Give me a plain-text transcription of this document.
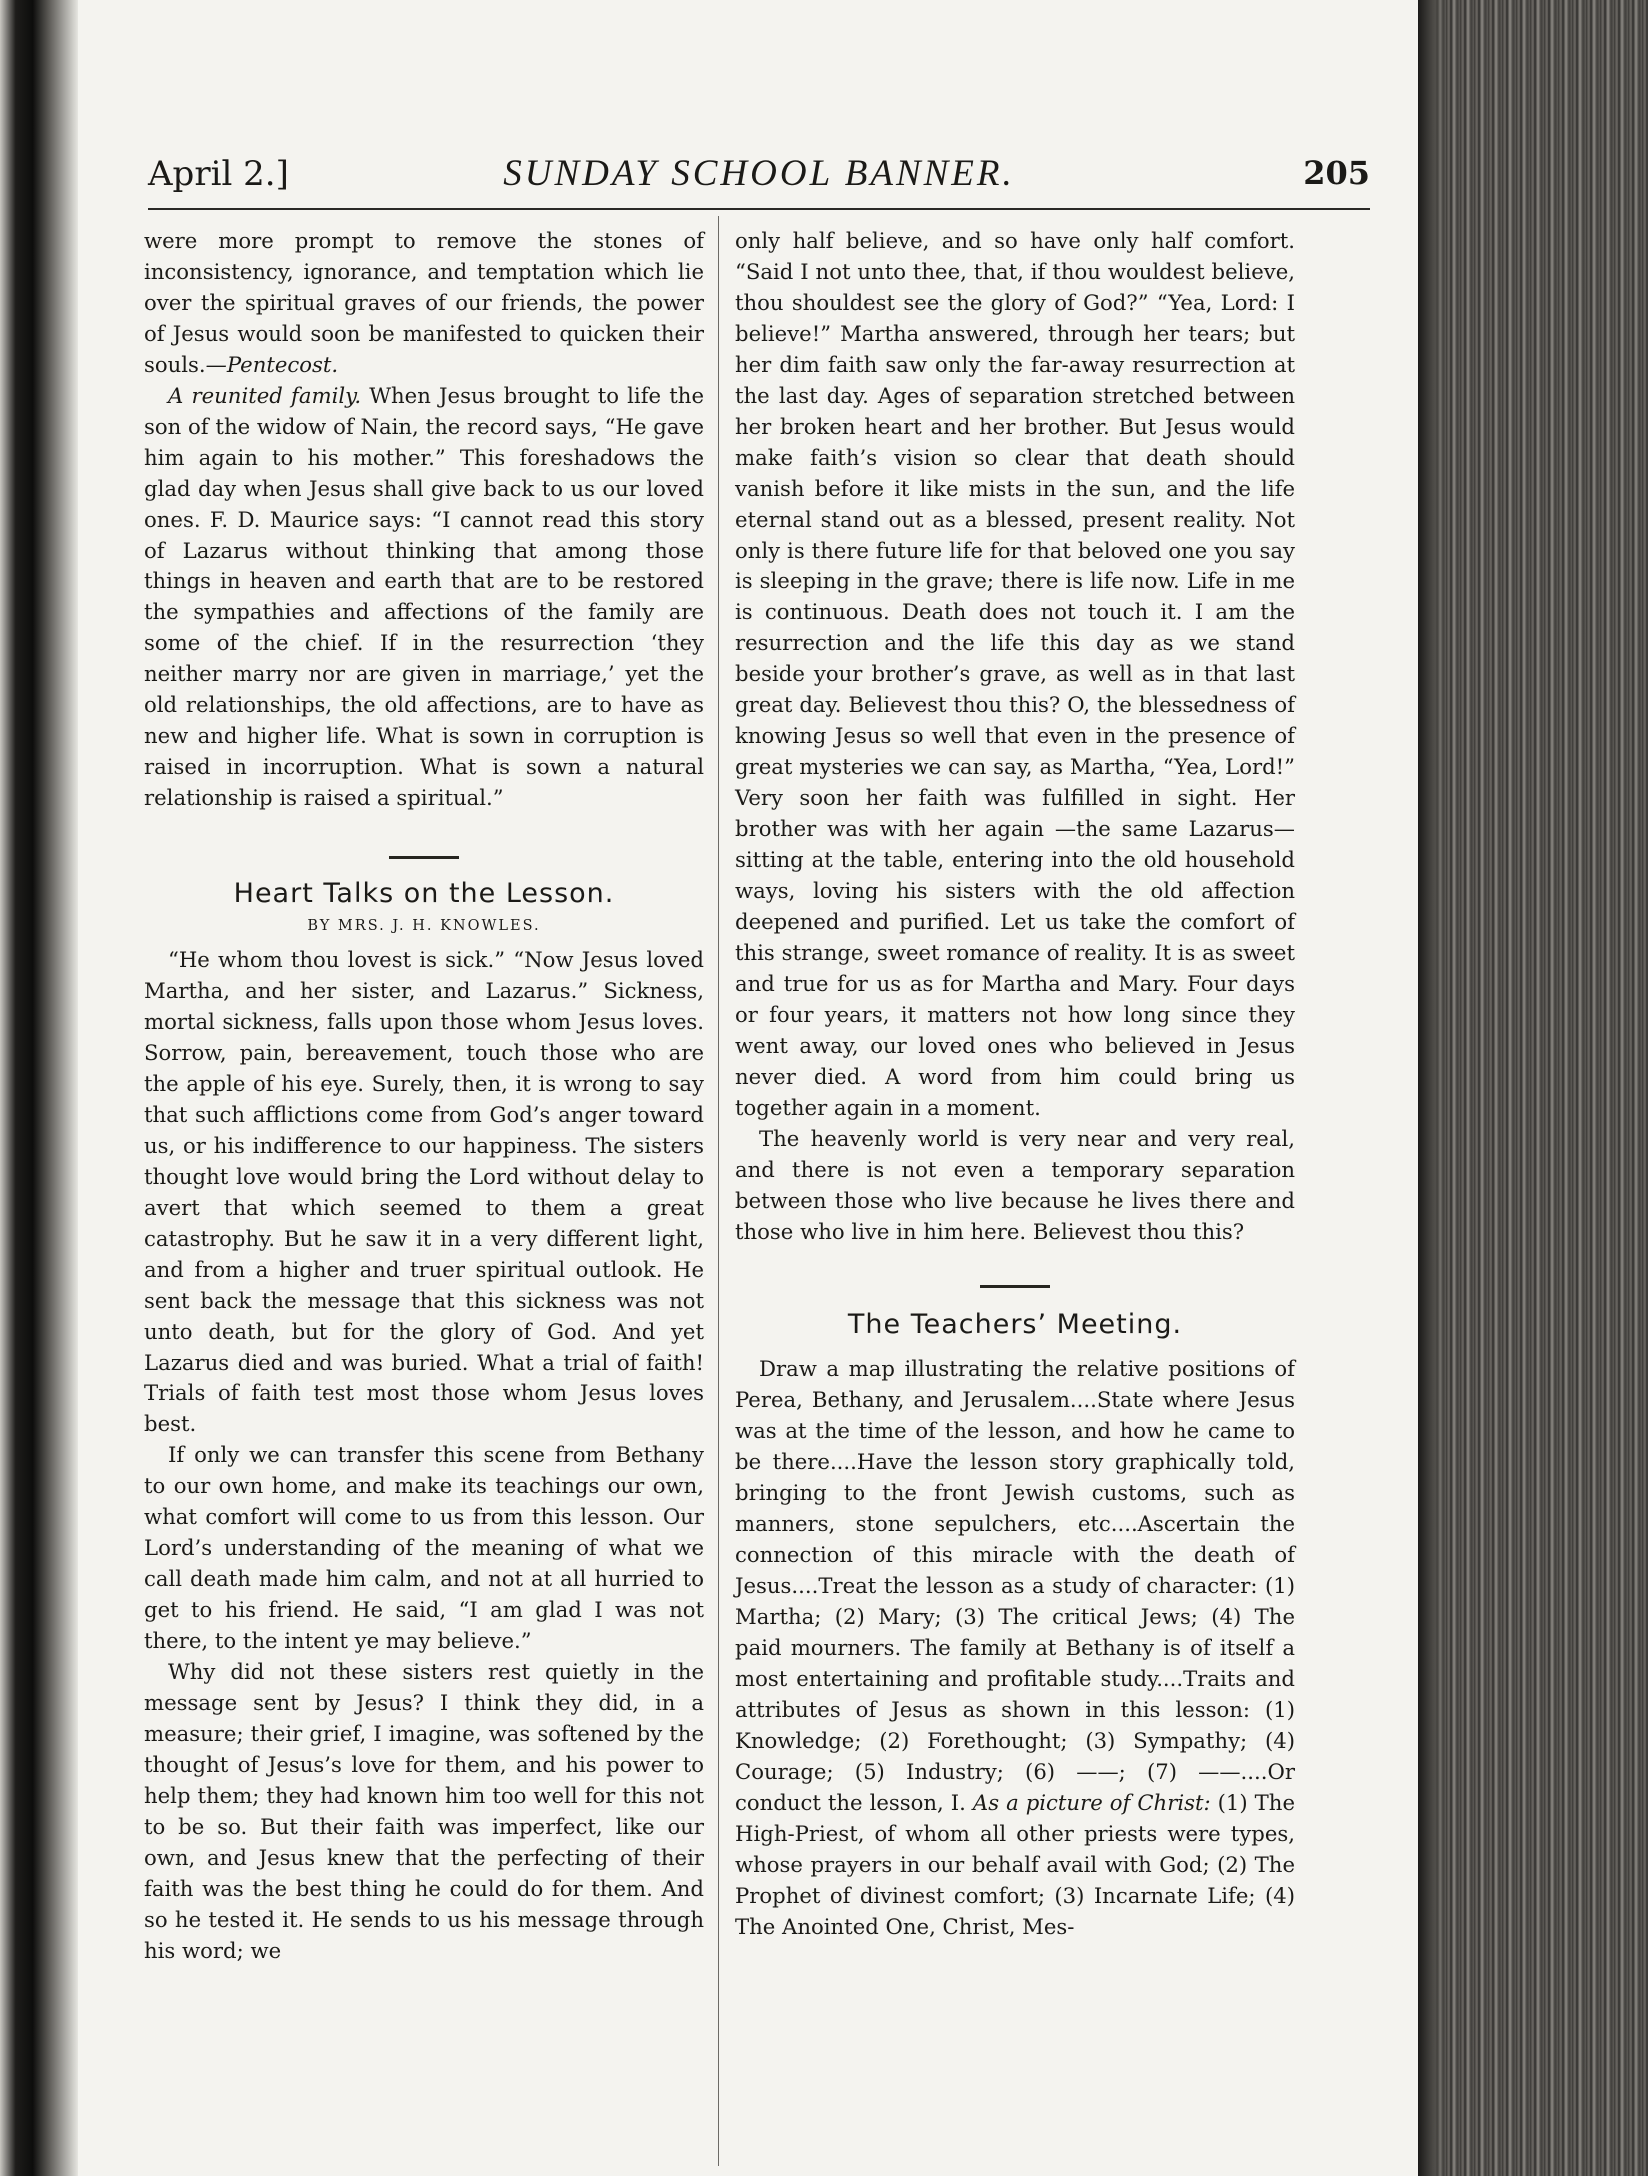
April 2.]	SUNDAY SCHOOL BANNER.	205

were more prompt to remove the stones of inconsistency, ignorance, and temptation which lie over the spiritual graves of our friends, the power of Jesus would soon be manifested to quicken their souls.—Pentecost.

A reunited family. When Jesus brought to life the son of the widow of Nain, the record says, “He gave him again to his mother.” This foreshadows the glad day when Jesus shall give back to us our loved ones. F. D. Maurice says: “I cannot read this story of Lazarus without thinking that among those things in heaven and earth that are to be restored the sympathies and affections of the family are some of the chief. If in the resurrection ‘they neither marry nor are given in marriage,’ yet the old relationships, the old affections, are to have as new and higher life. What is sown in corruption is raised in incorruption. What is sown a natural relationship is raised a spiritual.”

Heart Talks on the Lesson.
BY MRS. J. H. KNOWLES.

“He whom thou lovest is sick.” “Now Jesus loved Martha, and her sister, and Lazarus.” Sickness, mortal sickness, falls upon those whom Jesus loves. Sorrow, pain, bereavement, touch those who are the apple of his eye. Surely, then, it is wrong to say that such afflictions come from God’s anger toward us, or his indifference to our happiness. The sisters thought love would bring the Lord without delay to avert that which seemed to them a great catastrophy. But he saw it in a very different light, and from a higher and truer spiritual outlook. He sent back the message that this sickness was not unto death, but for the glory of God. And yet Lazarus died and was buried. What a trial of faith! Trials of faith test most those whom Jesus loves best.

If only we can transfer this scene from Bethany to our own home, and make its teachings our own, what comfort will come to us from this lesson. Our Lord’s understanding of the meaning of what we call death made him calm, and not at all hurried to get to his friend. He said, “I am glad I was not there, to the intent ye may believe.”

Why did not these sisters rest quietly in the message sent by Jesus? I think they did, in a measure; their grief, I imagine, was softened by the thought of Jesus’s love for them, and his power to help them; they had known him too well for this not to be so. But their faith was imperfect, like our own, and Jesus knew that the perfecting of their faith was the best thing he could do for them. And so he tested it. He sends to us his message through his word; we

only half believe, and so have only half comfort. “Said I not unto thee, that, if thou wouldest believe, thou shouldest see the glory of God?” “Yea, Lord: I believe!” Martha answered, through her tears; but her dim faith saw only the far-away resurrection at the last day. Ages of separation stretched between her broken heart and her brother. But Jesus would make faith’s vision so clear that death should vanish before it like mists in the sun, and the life eternal stand out as a blessed, present reality. Not only is there future life for that beloved one you say is sleeping in the grave; there is life now. Life in me is continuous. Death does not touch it. I am the resurrection and the life this day as we stand beside your brother’s grave, as well as in that last great day. Believest thou this? O, the blessedness of knowing Jesus so well that even in the presence of great mysteries we can say, as Martha, “Yea, Lord!” Very soon her faith was fulfilled in sight. Her brother was with her again —the same Lazarus—sitting at the table, entering into the old household ways, loving his sisters with the old affection deepened and purified. Let us take the comfort of this strange, sweet romance of reality. It is as sweet and true for us as for Martha and Mary. Four days or four years, it matters not how long since they went away, our loved ones who believed in Jesus never died. A word from him could bring us together again in a moment.

The heavenly world is very near and very real, and there is not even a temporary separation between those who live because he lives there and those who live in him here. Believest thou this?

The Teachers’ Meeting.

Draw a map illustrating the relative positions of Perea, Bethany, and Jerusalem....State where Jesus was at the time of the lesson, and how he came to be there....Have the lesson story graphically told, bringing to the front Jewish customs, such as manners, stone sepulchers, etc....Ascertain the connection of this miracle with the death of Jesus....Treat the lesson as a study of character: (1) Martha; (2) Mary; (3) The critical Jews; (4) The paid mourners. The family at Bethany is of itself a most entertaining and profitable study....Traits and attributes of Jesus as shown in this lesson: (1) Knowledge; (2) Forethought; (3) Sympathy; (4) Courage; (5) Industry; (6) ——; (7) ——....Or conduct the lesson, I. As a picture of Christ: (1) The High-Priest, of whom all other priests were types, whose prayers in our behalf avail with God; (2) The Prophet of divinest comfort; (3) Incarnate Life; (4) The Anointed One, Christ, Mes-
